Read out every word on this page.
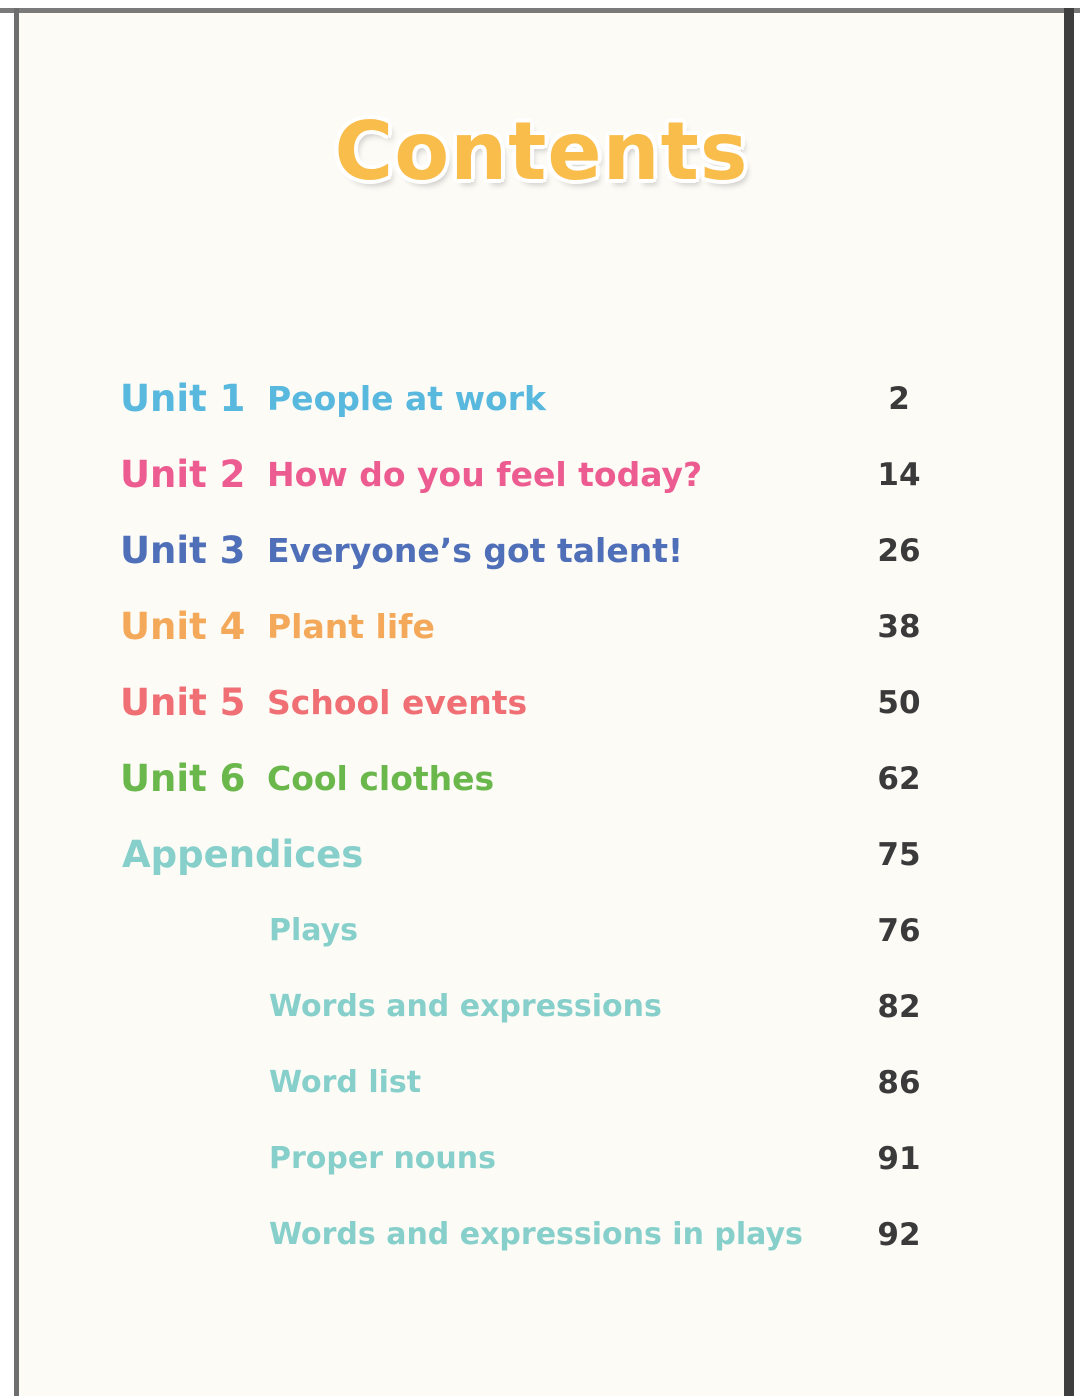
Contents
Unit 1 People at work	2
Unit 2 How do you feel today?	14
Unit 3 Everyone’s got talent!	26
Unit 4 Plant life	38
Unit 5 School events	50
Unit 6 Cool clothes	62
Appendices	75
Plays	76
Words and expressions	82
Word list	86
Proper nouns	91
Words and expressions in plays 92
